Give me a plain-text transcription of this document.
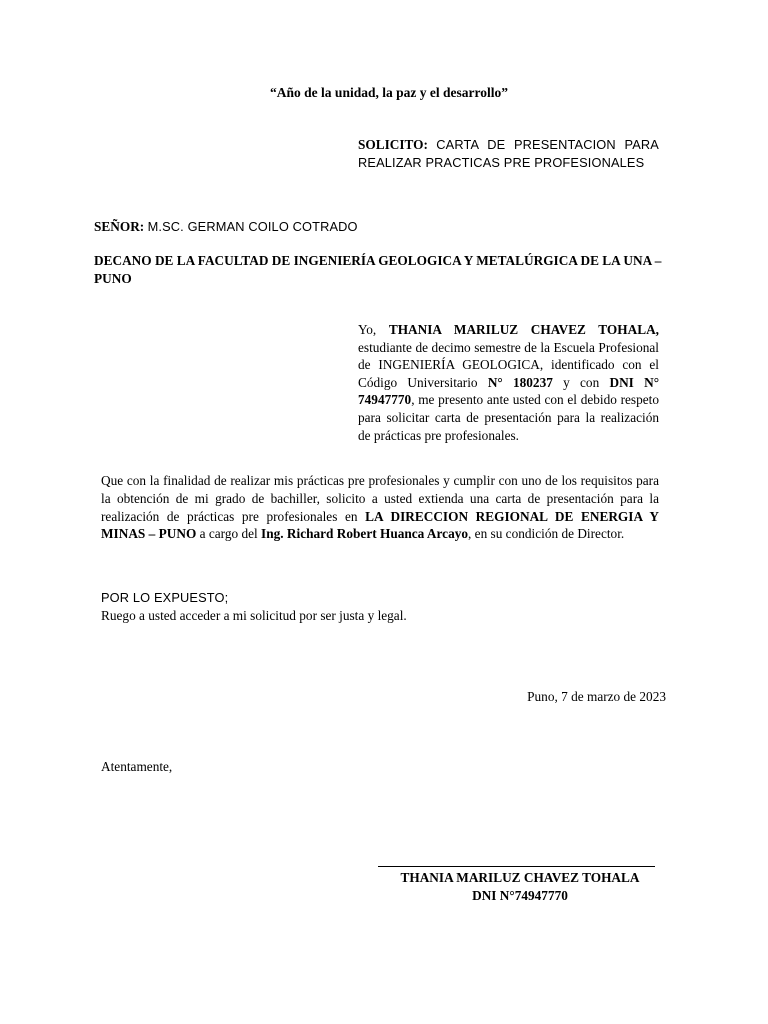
“Año de la unidad, la paz y el desarrollo”
SOLICITO: CARTA DE PRESENTACION PARA REALIZAR PRACTICAS PRE PROFESIONALES
SEÑOR: M.SC. GERMAN COILO COTRADO
DECANO DE LA FACULTAD DE INGENIERÍA GEOLOGICA Y METALÚRGICA DE LA UNA – PUNO
Yo, THANIA MARILUZ CHAVEZ TOHALA, estudiante de decimo semestre de la Escuela Profesional de INGENIERÍA GEOLOGICA, identificado con el Código Universitario N° 180237 y con DNI N° 74947770, me presento ante usted con el debido respeto para solicitar carta de presentación para la realización de prácticas pre profesionales.
Que con la finalidad de realizar mis prácticas pre profesionales y cumplir con uno de los requisitos para la obtención de mi grado de bachiller, solicito a usted extienda una carta de presentación para la realización de prácticas pre profesionales en LA DIRECCION REGIONAL DE ENERGIA Y MINAS – PUNO a cargo del Ing. Richard Robert Huanca Arcayo, en su condición de Director.
POR LO EXPUESTO;
Ruego a usted acceder a mi solicitud por ser justa y legal.
Puno, 7 de marzo de 2023
Atentamente,
THANIA MARILUZ CHAVEZ TOHALA
DNI N°74947770
